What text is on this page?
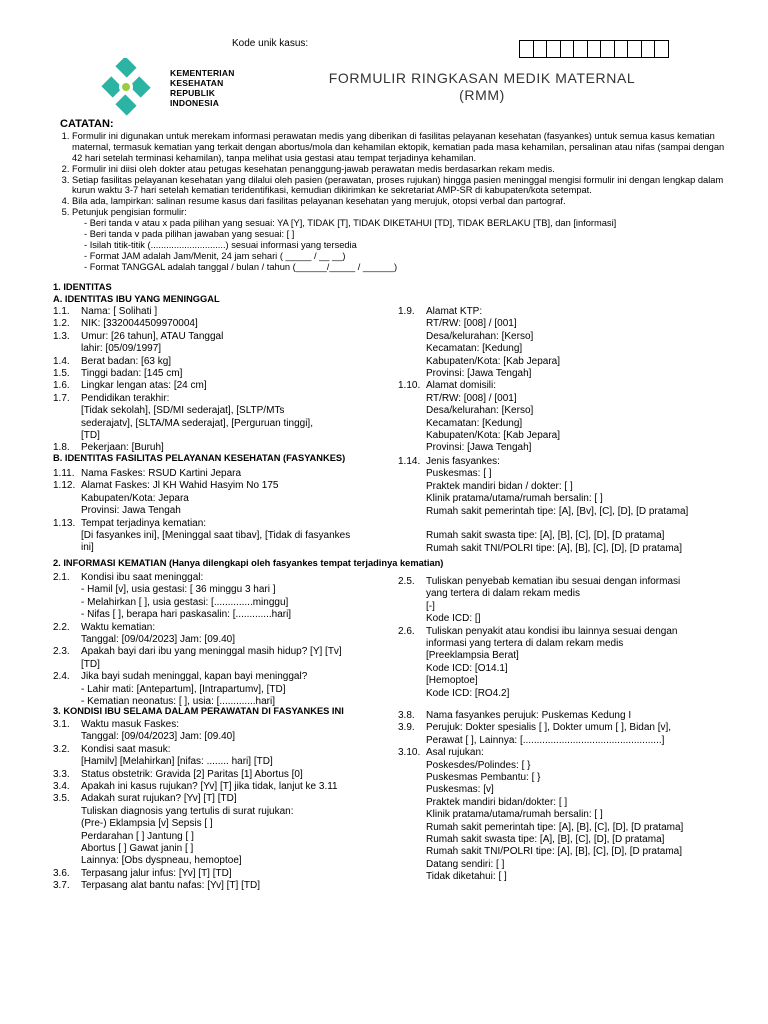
Kode unik kasus:
KEMENTERIAN
KESEHATAN
REPUBLIK
INDONESIA
FORMULIR RINGKASAN MEDIK MATERNAL
(RMM)
CATATAN:
1. Formulir ini digunakan untuk merekam informasi perawatan medis yang diberikan di fasilitas pelayanan kesehatan (fasyankes) untuk semua kasus kematian maternal, termasuk kematian yang terkait dengan abortus/mola dan kehamilan ektopik, kematian pada masa kehamilan, persalinan atau nifas (sampai dengan 42 hari setelah terminasi kehamilan), tanpa melihat usia gestasi atau tempat terjadinya kehamilan.
2. Formulir ini diisi oleh dokter atau petugas kesehatan penanggung-jawab perawatan medis berdasarkan rekam medis.
3. Setiap fasilitas pelayanan kesehatan yang dilalui oleh pasien (perawatan, proses rujukan) hingga pasien meninggal mengisi formulir ini dengan lengkap dalam kurun waktu 3-7 hari setelah kematian teridentifikasi, kemudian dikirimkan ke sekretariat AMP-SR di kabupaten/kota setempat.
4. Bila ada, lampirkan: salinan resume kasus dari fasilitas pelayanan kesehatan yang merujuk, otopsi verbal dan partograf.
5. Petunjuk pengisian formulir:
- Beri tanda v atau x pada pilihan yang sesuai: YA [Y], TIDAK [T], TIDAK DIKETAHUI [TD], TIDAK BERLAKU [TB], dan [informasi]
- Beri tanda v pada pilihan jawaban yang sesuai: [ ]
- Isilah titik-titik (.............................) sesuai informasi yang tersedia
- Format JAM adalah Jam/Menit, 24 jam sehari ( _____ / __ __)
- Format TANGGAL adalah tanggal / bulan / tahun (______/_____ / ______)
1. IDENTITAS
A. IDENTITAS IBU YANG MENINGGAL
1.1.	Nama: [ Solihati ]
1.2.	NIK: [3320044509970004]
1.3.	Umur: [26 tahun], ATAU Tanggal
lahir: [05/09/1997]
1.4.	Berat badan: [63 kg]
1.5.	Tinggi badan: [145 cm]
1.6.	Lingkar lengan atas: [24 cm]
1.7.	Pendidikan terakhir:
[Tidak sekolah], [SD/MI sederajat], [SLTP/MTs
sederajatv], [SLTA/MA sederajat], [Perguruan tinggi],
[TD]
1.8.	Pekerjaan: [Buruh]
1.9.	Alamat KTP:
RT/RW: [008] / [001]
Desa/kelurahan: [Kerso]
Kecamatan: [Kedung]
Kabupaten/Kota: [Kab Jepara]
Provinsi: [Jawa Tengah]
1.10. Alamat domisili:
RT/RW: [008] / [001]
Desa/kelurahan: [Kerso]
Kecamatan: [Kedung]
Kabupaten/Kota: [Kab Jepara]
Provinsi: [Jawa Tengah]
B. IDENTITAS FASILITAS PELAYANAN KESEHATAN (FASYANKES)
1.11. Nama Faskes: RSUD Kartini Jepara
1.12. Alamat Faskes: Jl KH Wahid Hasyim No 175
Kabupaten/Kota: Jepara
Provinsi: Jawa Tengah
1.13. Tempat terjadinya kematian:
[Di fasyankes ini], [Meninggal saat tibav], [Tidak di fasyankes
ini]
1.14. Jenis fasyankes:
Puskesmas: [ ]
Praktek mandiri bidan / dokter: [ ]
Klinik pratama/utama/rumah bersalin: [ ]
Rumah sakit pemerintah tipe: [A], [Bv], [C], [D], [D pratama]

Rumah sakit swasta tipe: [A], [B], [C], [D], [D pratama]
Rumah sakit TNI/POLRI tipe: [A], [B], [C], [D], [D pratama]
2. INFORMASI KEMATIAN (Hanya dilengkapi oleh fasyankes tempat terjadinya kematian)
2.1.	Kondisi ibu saat meninggal:
- Hamil [v], usia gestasi: [ 36 minggu 3 hari ]
- Melahirkan [ ], usia gestasi: [..............minggu]
- Nifas [ ], berapa hari paskasalin: [.............hari]
2.2.	Waktu kematian:
Tanggal: [09/04/2023] Jam: [09.40]
2.3.	Apakah bayi dari ibu yang meninggal masih hidup? [Y] [Tv]
[TD]
2.4.	Jika bayi sudah meninggal, kapan bayi meninggal?
- Lahir mati: [Antepartum], [Intrapartumv], [TD]
- Kematian neonatus: [ ], usia: [.............hari]
2.5.	Tuliskan penyebab kematian ibu sesuai dengan informasi
yang tertera di dalam rekam medis
[-]
Kode ICD: []
2.6.	Tuliskan penyakit atau kondisi ibu lainnya sesuai dengan
informasi yang tertera di dalam rekam medis
[Preeklampsia Berat]
Kode ICD: [O14.1]
[Hemoptoe]
Kode ICD: [RO4.2]
3. KONDISI IBU SELAMA DALAM PERAWATAN DI FASYANKES INI
3.1.	Waktu masuk Faskes:
Tanggal: [09/04/2023] Jam: [09.40]
3.2.	Kondisi saat masuk:
[Hamilv] [Melahirkan] [nifas: ........ hari] [TD]
3.3.	Status obstetrik: Gravida [2] Paritas [1] Abortus [0]
3.4.	Apakah ini kasus rujukan? [Yv] [T] jika tidak, lanjut ke 3.11
3.5.	Adakah surat rujukan? [Yv] [T] [TD]
Tuliskan diagnosis yang tertulis di surat rujukan:
(Pre-) Eklampsia [v] Sepsis [ ]
Perdarahan [ ] Jantung [ ]
Abortus [ ] Gawat janin [ ]
Lainnya: [Obs dyspneau, hemoptoe]
3.6.	Terpasang jalur infus: [Yv] [T] [TD]
3.7.	Terpasang alat bantu nafas: [Yv] [T] [TD]
3.8.	Nama fasyankes perujuk: Puskemas Kedung I
3.9.	Perujuk: Dokter spesialis [ ], Dokter umum [ ], Bidan [v],
Perawat [ ], Lainnya: [..................................................]
3.10. Asal rujukan:
Poskesdes/Polindes: [ }
Puskesmas Pembantu: [ }
Puskesmas: [v]
Praktek mandiri bidan/dokter: [ ]
Klinik pratama/utama/rumah bersalin: [ ]
Rumah sakit pemerintah tipe: [A], [B], [C], [D], [D pratama]
Rumah sakit swasta tipe: [A], [B], [C], [D], [D pratama]
Rumah sakit TNI/POLRI tipe: [A], [B], [C], [D], [D pratama]
Datang sendiri: [ ]
Tidak diketahui: [ ]
